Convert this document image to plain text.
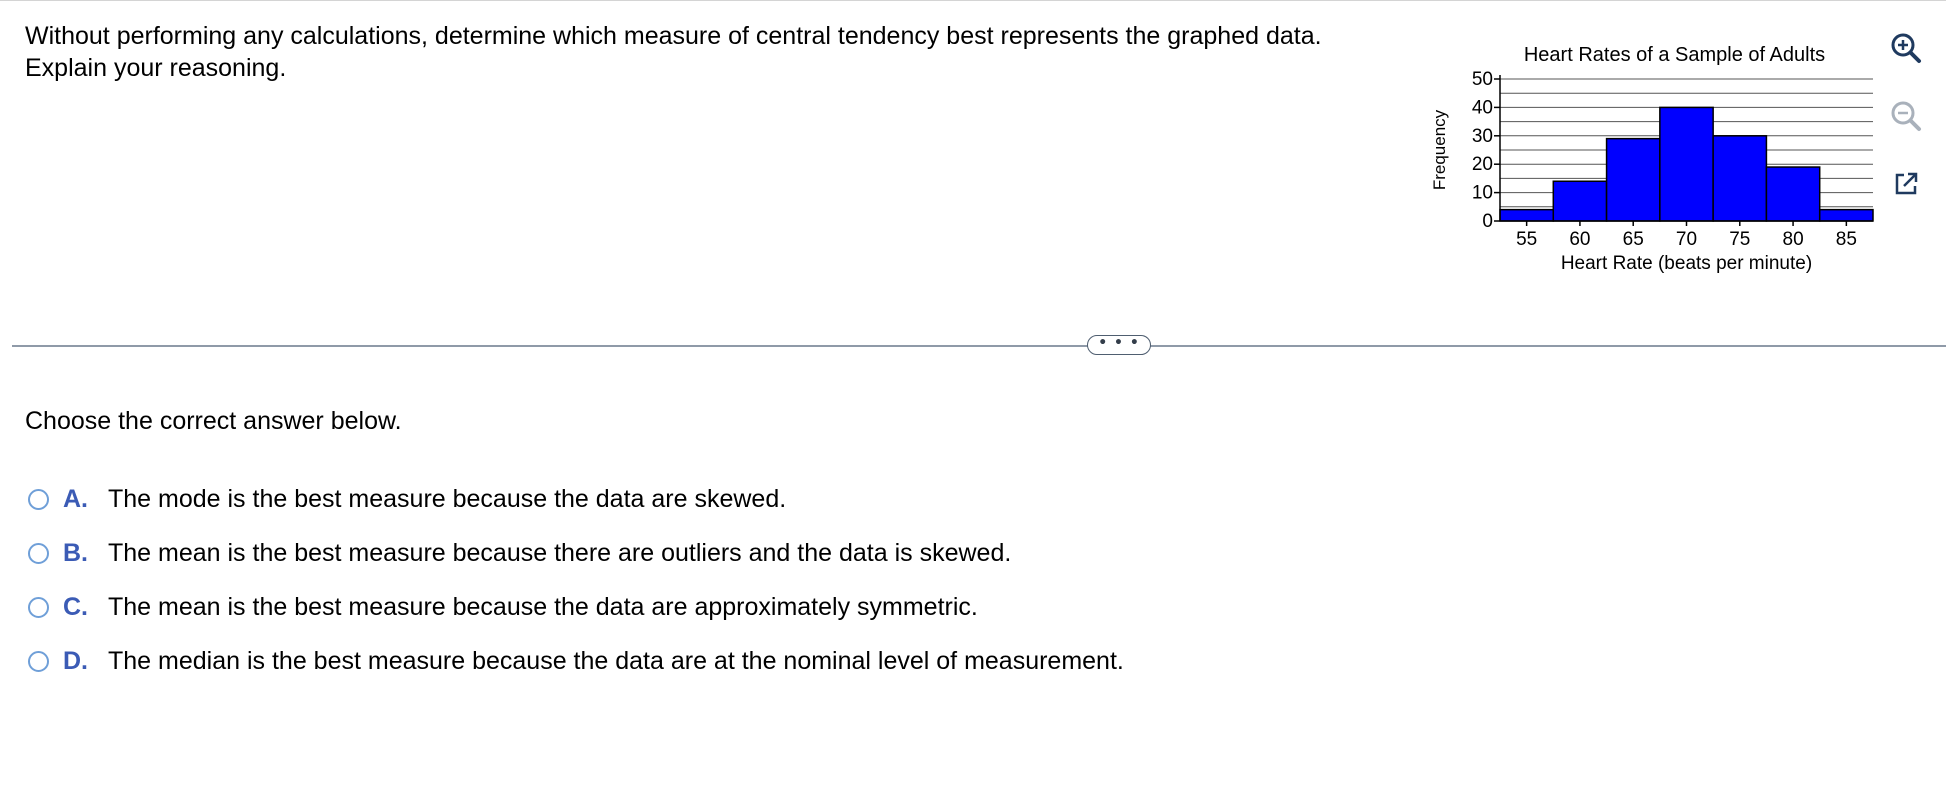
Without performing any calculations, determine which measure of central tendency best represents the graphed data.
Explain your reasoning.	Heart Rates of a Sample of Adults
0
10
20
30
40
50
55 60 65 70 75 80 85
Heart Rate (beats per minute)
Frequency
• • •
Choose the correct answer below.
A. The mode is the best measure because the data are skewed.
B. The mean is the best measure because there are outliers and the data is skewed.
C. The mean is the best measure because the data are approximately symmetric.
D. The median is the best measure because the data are at the nominal level of measurement.
